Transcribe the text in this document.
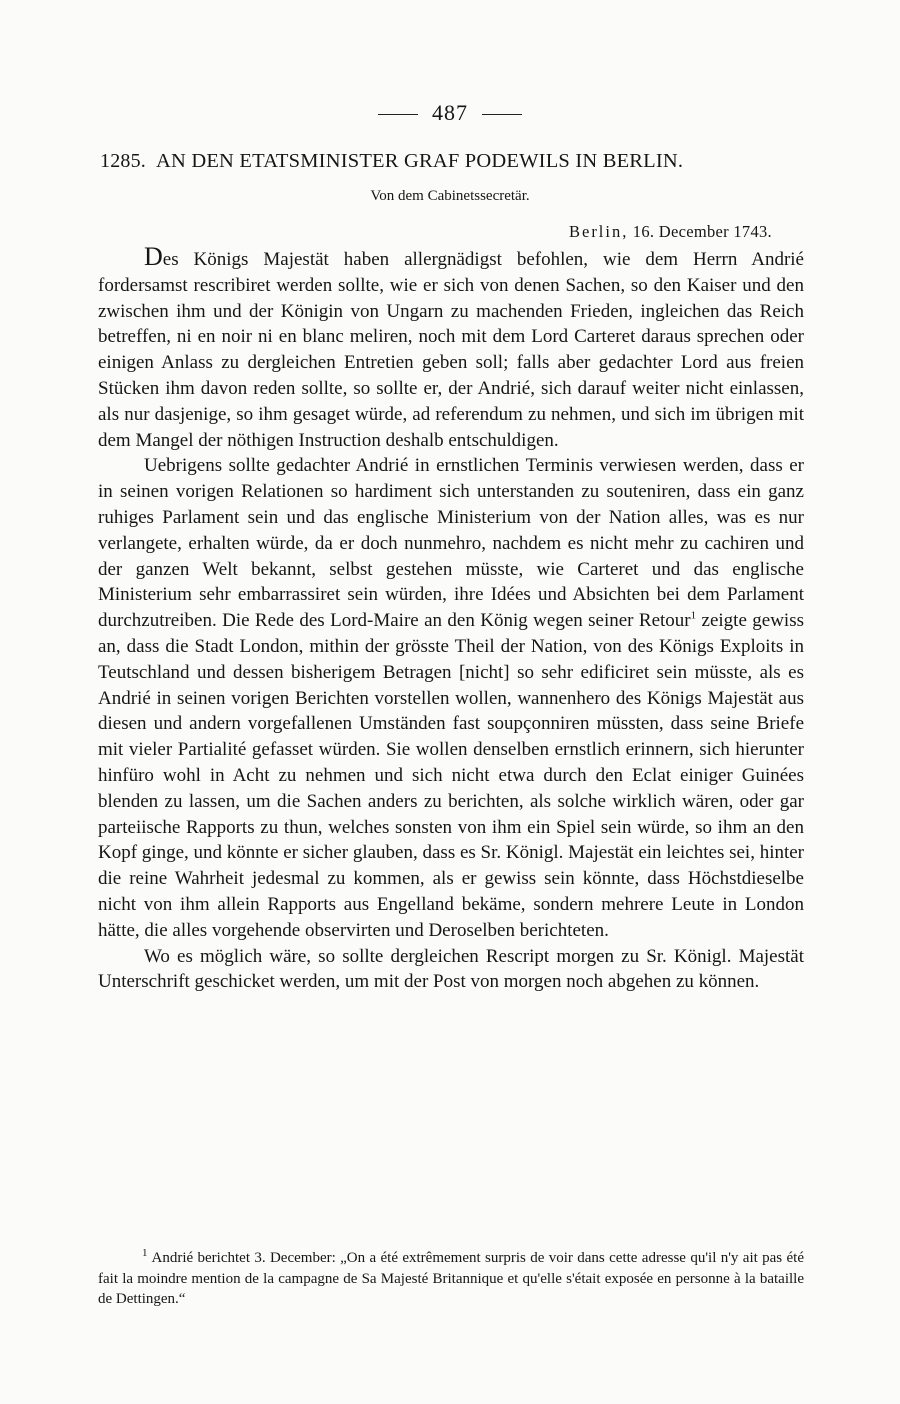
487
1285. AN DEN ETATSMINISTER GRAF PODEWILS IN BERLIN.
Von dem Cabinetssecretär.
Berlin, 16. December 1743.

Des Königs Majestät haben allergnädigst befohlen, wie dem Herrn Andrié fordersamst rescribiret werden sollte, wie er sich von denen Sachen, so den Kaiser und den zwischen ihm und der Königin von Ungarn zu machenden Frieden, ingleichen das Reich betreffen, ni en noir ni en blanc meliren, noch mit dem Lord Carteret daraus sprechen oder einigen Anlass zu dergleichen Entretien geben soll; falls aber gedachter Lord aus freien Stücken ihm davon reden sollte, so sollte er, der Andrié, sich darauf weiter nicht einlassen, als nur dasjenige, so ihm gesaget würde, ad referendum zu nehmen, und sich im übrigen mit dem Mangel der nöthigen Instruction deshalb entschuldigen.

Uebrigens sollte gedachter Andrié in ernstlichen Terminis verwiesen werden, dass er in seinen vorigen Relationen so hardiment sich unterstanden zu souteniren, dass ein ganz ruhiges Parlament sein und das englische Ministerium von der Nation alles, was es nur verlangete, erhalten würde, da er doch nunmehro, nachdem es nicht mehr zu cachiren und der ganzen Welt bekannt, selbst gestehen müsste, wie Carteret und das englische Ministerium sehr embarrassiret sein würden, ihre Idées und Absichten bei dem Parlament durchzutreiben. Die Rede des Lord-Maire an den König wegen seiner Retour$^1$ zeigte gewiss an, dass die Stadt London, mithin der grösste Theil der Nation, von des Königs Exploits in Teutschland und dessen bisherigem Betragen [nicht] so sehr edificiret sein müsste, als es Andrié in seinen vorigen Berichten vorstellen wollen, wannenhero des Königs Majestät aus diesen und andern vorgefallenen Umständen fast soupçonniren müssten, dass seine Briefe mit vieler Partialité gefasset würden. Sie wollen denselben ernstlich erinnern, sich hierunter hinfüro wohl in Acht zu nehmen und sich nicht etwa durch den Eclat einiger Guinées blenden zu lassen, um die Sachen anders zu berichten, als solche wirklich wären, oder gar parteiische Rapports zu thun, welches sonsten von ihm ein Spiel sein würde, so ihm an den Kopf ginge, und könnte er sicher glauben, dass es Sr. Königl. Majestät ein leichtes sei, hinter die reine Wahrheit jedesmal zu kommen, als er gewiss sein könnte, dass Höchstdieselbe nicht von ihm allein Rapports aus Engelland bekäme, sondern mehrere Leute in London hätte, die alles vorgehende observirten und Deroselben berichteten.

Wo es möglich wäre, so sollte dergleichen Rescript morgen zu Sr. Königl. Majestät Unterschrift geschicket werden, um mit der Post von morgen noch abgehen zu können.

$^1$ Andrié berichtet 3. December: „On a été extrêmement surpris de voir dans cette adresse qu'il n'y ait pas été fait la moindre mention de la campagne de Sa Majesté Britannique et qu'elle s'était exposée en personne à la bataille de Dettingen.“
